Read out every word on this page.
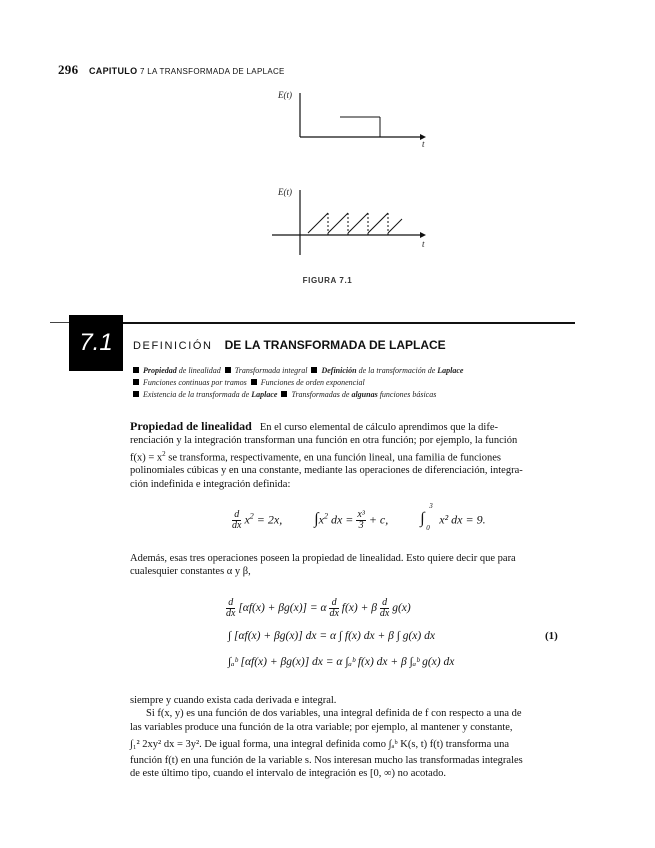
296 CAPITULO 7 LA TRANSFORMADA DE LAPLACE
E(t)
t
E(t)
t
FIGURA 7.1
7.1	DEFINICIÓN DE LA TRANSFORMADA DE LAPLACE
Propiedad de linealidad Transformada integral Definición de la transformación de Laplace
Funciones continuas por tramos Funciones de orden exponencial
Existencia de la transformada de Laplace Transformadas de algunas funciones básicas
Propiedad de linealidad En el curso elemental de cálculo aprendimos que la dife-
renciación y la integración transforman una función en otra función; por ejemplo, la función
$f(x) = x^2$ se transforma, respectivamente, en una función lineal, una familia de funciones
polinomiales cúbicas y en una constante, mediante las operaciones de diferenciación, integra-
ción indefinida e integración definida:
$\frac{d}{dx} x^2 = 2x$, $\int x^2$ dx = $\frac{\text{x³}}{3} + c$, ∫
3
0
x² dx = 9.
Además, esas tres operaciones poseen la propiedad de linealidad. Esto quiere decir que para
cualesquier constantes α y β,
$\frac{d}{dx} [\alpha f(x) + \beta g(x)] = \alpha \frac{d}{dx} f(x) + \beta \frac{d}{dx} g(x)$
∫ [αf(x) + βg(x)] dx = α ∫ f(x) dx + β ∫ g(x) dx	(1)
∫ₐᵇ [αf(x) + βg(x)] dx = α ∫ₐᵇ f(x) dx + β ∫ₐᵇ g(x) dx
siempre y cuando exista cada derivada e integral.
Si f(x, y) es una función de dos variables, una integral definida de f con respecto a una de
las variables produce una función de la otra variable; por ejemplo, al mantener y constante,
∫₁² 2xy² dx = 3y². De igual forma, una integral definida como ∫ₐᵇ K(s, t) f(t) transforma una
función f(t) en una función de la variable s. Nos interesan mucho las transformadas integrales
de este último tipo, cuando el intervalo de integración es [0, ∞) no acotado.
